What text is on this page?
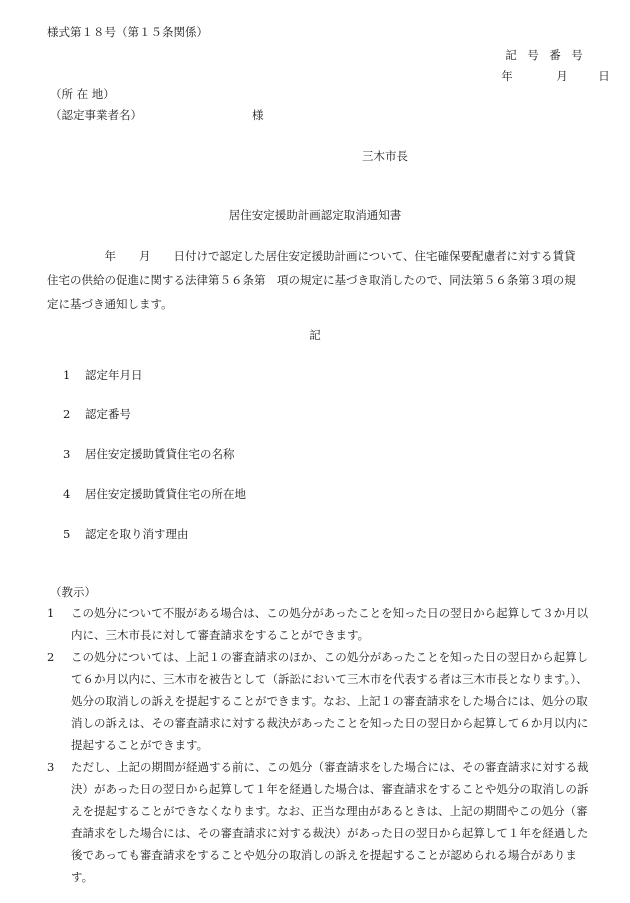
様式第１８号（第１５条関係）
記 号 番 号
年	月	日
（所 在 地）
（認定事業者名）	様
三木市長
居住安定援助計画認定取消通知書

　　　　　年　　月　　日付けで認定した居住安定援助計画について、住宅確保要配慮者に対する賃貸

住宅の供給の促進に関する法律第５６条第　項の規定に基づき取消したので、同法第５６条第３項の規

定に基づき通知します。

記
1 認定年月日
2 認定番号
3 居住安定援助賃貸住宅の名称
4 居住安定援助賃貸住宅の所在地
5 認定を取り消す理由
（教示）
1	この処分について不服がある場合は、この処分があったことを知った日の翌日から起算して３か月以内に、三木市長に対して審査請求をすることができます。
2	この処分については、上記１の審査請求のほか、この処分があったことを知った日の翌日から起算して６か月以内に、三木市を被告として（訴訟において三木市を代表する者は三木市長となります。）、処分の取消しの訴えを提起することができます。なお、上記１の審査請求をした場合には、処分の取消しの訴えは、その審査請求に対する裁決があったことを知った日の翌日から起算して６か月以内に提起することができます。
3	ただし、上記の期間が経過する前に、この処分（審査請求をした場合には、その審査請求に対する裁決）があった日の翌日から起算して１年を経過した場合は、審査請求をすることや処分の取消しの訴えを提起することができなくなります。なお、正当な理由があるときは、上記の期間やこの処分（審査請求をした場合には、その審査請求に対する裁決）があった日の翌日から起算して１年を経過した後であっても審査請求をすることや処分の取消しの訴えを提起することが認められる場合があります。
